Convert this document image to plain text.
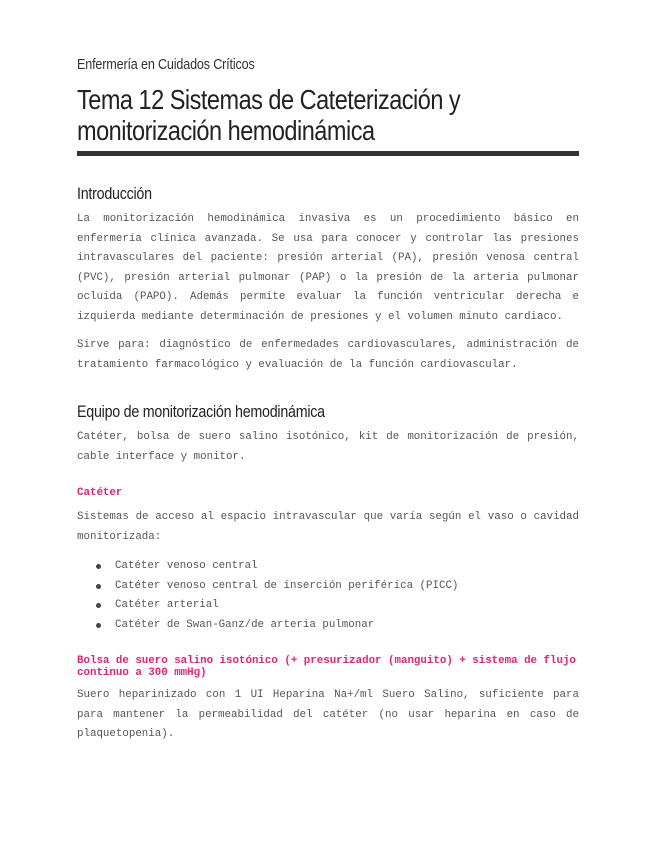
Enfermería en Cuidados Críticos
Tema 12 Sistemas de Cateterización y monitorización hemodinámica
Introducción

La monitorización hemodinámica invasiva es un procedimiento básico en enfermería clínica avanzada. Se usa para conocer y controlar las presiones intravasculares del paciente: presión arterial (PA), presión venosa central (PVC), presión arterial pulmonar (PAP) o la presión de la arteria pulmonar ocluida (PAPO). Además permite evaluar la función ventricular derecha e izquierda mediante determinación de presiones y el volumen minuto cardiaco.

Sirve para: diagnóstico de enfermedades cardiovasculares, administración de tratamiento farmacológico y evaluación de la función cardiovascular.

Equipo de monitorización hemodinámica

Catéter, bolsa de suero salino isotónico, kit de monitorización de presión, cable interface y monitor.

Catéter

Sistemas de acceso al espacio intravascular que varía según el vaso o cavidad monitorizada:

Catéter venoso central
Catéter venoso central de inserción periférica (PICC)
Catéter arterial
Catéter de Swan-Ganz/de arteria pulmonar
Bolsa de suero salino isotónico (+ presurizador (manguito) + sistema de flujo continuo a 300 mmHg)

Suero heparinizado con 1 UI Heparina Na+/ml Suero Salino, suficiente para para mantener la permeabilidad del catéter (no usar heparina en caso de plaquetopenia).
